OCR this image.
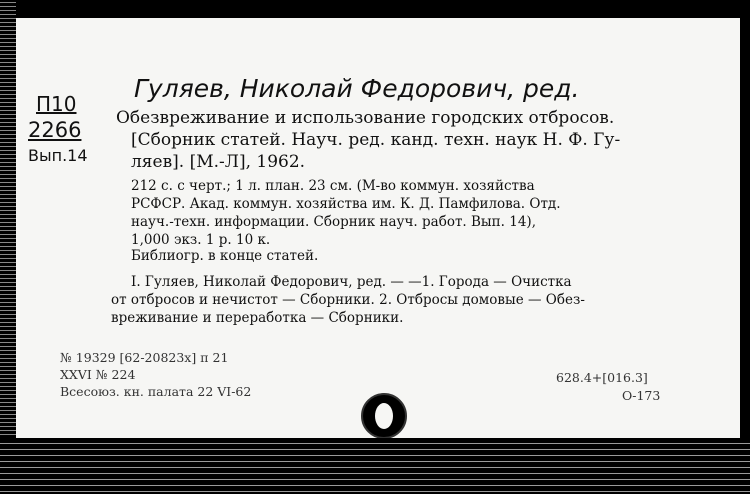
Гуляев, Николай Федорович, ред.
П10
2266
Вып.14
Обезвреживание и использование городских отбросов.
[Сборник статей. Науч. ред. канд. техн. наук Н. Ф. Гу-
ляев]. [М.-Л], 1962.
212 с. с черт.; 1 л. план. 23 см. (М-во коммун. хозяйства
РСФСР. Акад. коммун. хозяйства им. К. Д. Памфилова. Отд.
науч.-техн. информации. Сборник науч. работ. Вып. 14),
1,000 экз. 1 р. 10 к.
Библиогр. в конце статей.
I. Гуляев, Николай Федорович, ред. — —1. Города — Очистка
от отбросов и нечистот — Сборники. 2. Отбросы домовые — Обез-
вреживание и переработка — Сборники.
№ 19329 [62-20823х] п 21
XXVI № 224
Всесоюз. кн. палата 22 VI-62
628.4+[016.3]
О-173
